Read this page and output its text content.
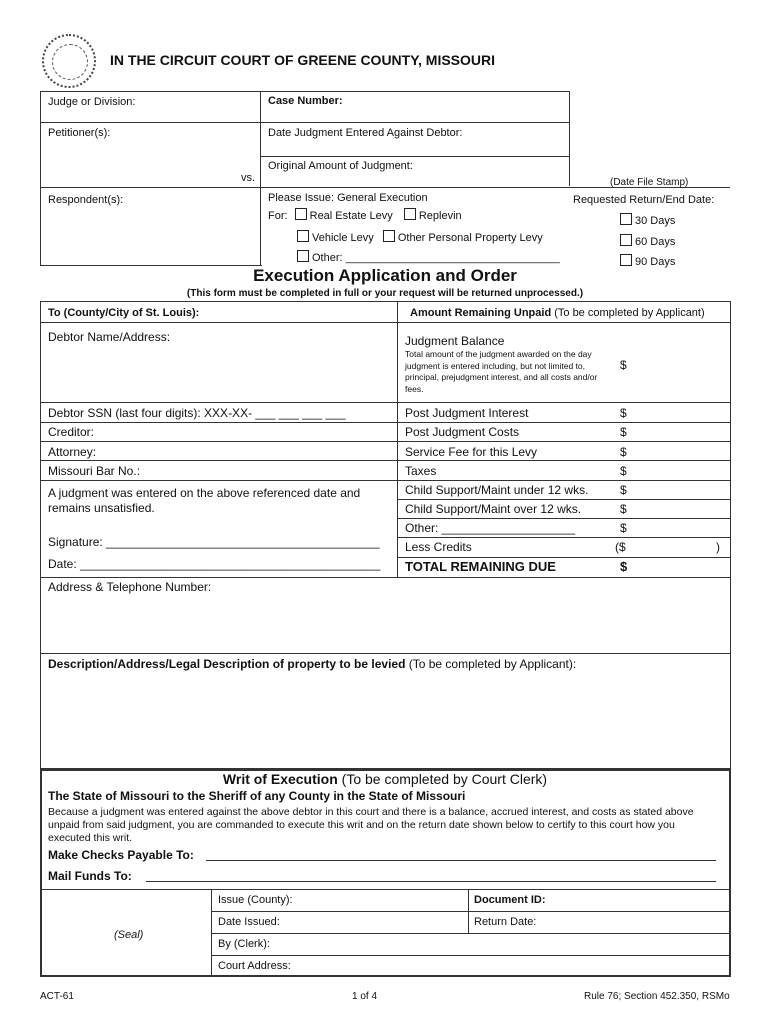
IN THE CIRCUIT COURT OF GREENE COUNTY, MISSOURI
Judge or Division:	Case Number:
Petitioner(s):	Date Judgment Entered Against Debtor:
Original Amount of Judgment:
vs.
Respondent(s):
(Date File Stamp)
Please Issue: General Execution
For: Real Estate Levy Replevin
Vehicle Levy Other Personal Property Levy
Other: ___________________________________
Requested Return/End Date:
30 Days
60 Days
90 Days
Execution Application and Order
(This form must be completed in full or your request will be returned unprocessed.)
To (County/City of St. Louis):	Amount Remaining Unpaid (To be completed by Applicant)
Debtor Name/Address:	Judgment Balance
Total amount of the judgment awarded on the day judgment is entered including, but not limited to, principal, prejudgment interest, and all costs and/or fees.
$
Debtor SSN (last four digits): XXX-XX- ___ ___ ___ ___
Creditor:
Attorney:
Missouri Bar No.:
A judgment was entered on the above referenced date and remains unsatisfied.
Signature: _________________________________________
Date: _____________________________________________
Address & Telephone Number:
Post Judgment Interest	$
Post Judgment Costs	$
Service Fee for this Levy	$
Taxes	$
Child Support/Maint under 12 wks.	$
Child Support/Maint over 12 wks.	$
Other: ____________________	$
Less Credits	($	)
TOTAL REMAINING DUE	$
Description/Address/Legal Description of property to be levied (To be completed by Applicant):
Writ of Execution (To be completed by Court Clerk)
The State of Missouri to the Sheriff of any County in the State of Missouri
Because a judgment was entered against the above debtor in this court and there is a balance, accrued interest, and costs as stated above unpaid from said judgment, you are commanded to execute this writ and on the return date shown below to certify to this court how you executed this writ.
Make Checks Payable To:
Mail Funds To:
(Seal)
Issue (County):	Document ID:
Date Issued:	Return Date:
By (Clerk):
Court Address:
ACT-61	1 of 4	Rule 76; Section 452.350, RSMo
